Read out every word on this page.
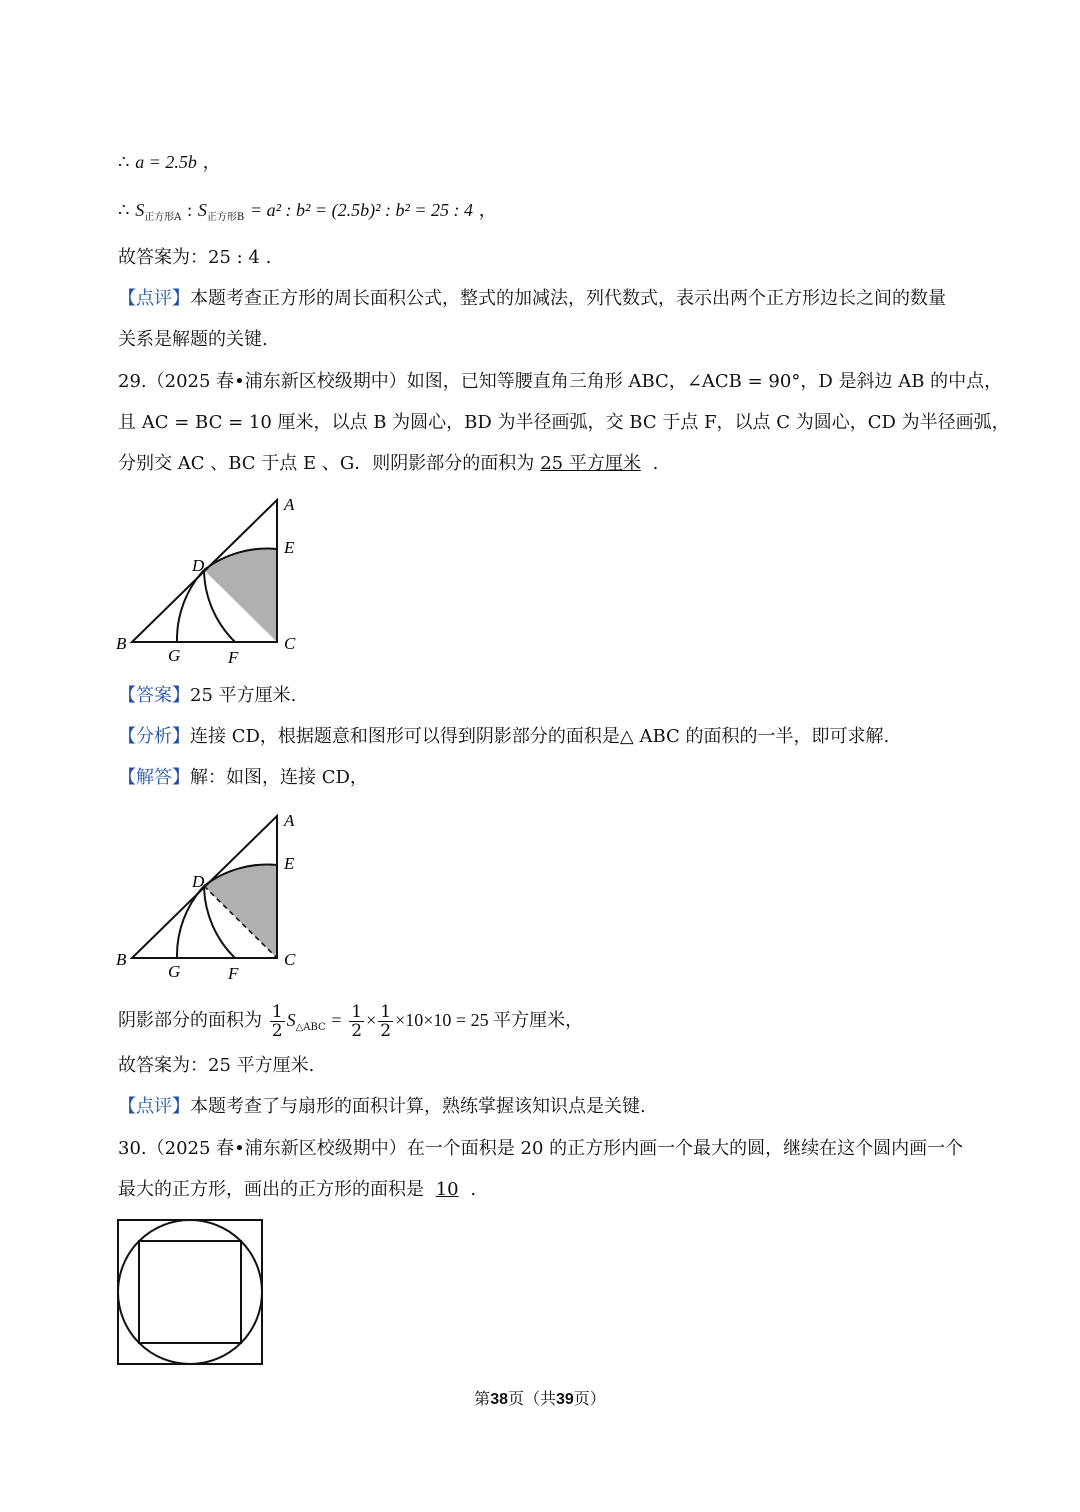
∴ a = 2.5b ，
∴ $S_{正方形A}$ : $S_{正方形B} = a^2$ : b² = (2.5b)² : b² = 25 : 4 ，
故答案为：25 : 4 .
【点评】本题考查正方形的周长面积公式，整式的加减法，列代数式，表示出两个正方形边长之间的数量
关系是解题的关键.
29.（2025 春•浦东新区校级期中）如图，已知等腰直角三角形 ABC，∠ACB = 90°，D 是斜边 AB 的中点，
且 AC = BC = 10 厘米，以点 B 为圆心，BD 为半径画弧，交 BC 于点 F，以点 C 为圆心，CD 为半径画弧，
分别交 AC 、BC 于点 E 、G．则阴影部分的面积为 25 平方厘米 .
A
E
D
B	C
G	F
【答案】25 平方厘米.
【分析】连接 CD，根据题意和图形可以得到阴影部分的面积是△ ABC 的面积的一半，即可求解.
【解答】解：如图，连接 CD，
A
E
D
B	C
G	F
阴影部分的面积为 $\frac{1}{2} S_{\triangle ABC} = \frac{1}{2} \times \frac{1}{2} \times 10\times 10 = 25$ 平方厘米，
故答案为：25 平方厘米.
【点评】本题考查了与扇形的面积计算，熟练掌握该知识点是关键.
30.（2025 春•浦东新区校级期中）在一个面积是 20 的正方形内画一个最大的圆，继续在这个圆内画一个
最大的正方形，画出的正方形的面积是 10 .
第38页（共39页）
